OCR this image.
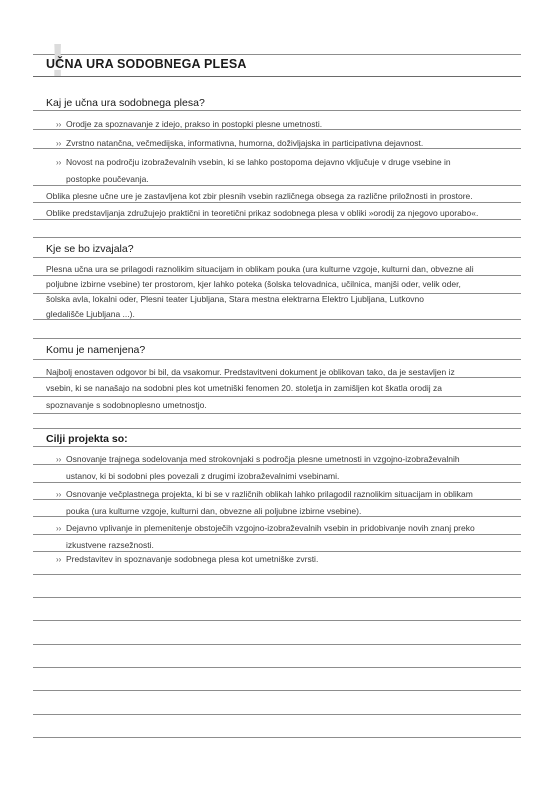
!
UČNA URA SODOBNEGA PLESA
Kaj je učna ura sodobnega plesa?

›› Orodje za spoznavanje z idejo, prakso in postopki plesne umetnosti.

›› Zvrstno natančna, večmedijska, informativna, humorna, doživljajska in participativna dejavnost.

›› Novost na področju izobraževalnih vsebin, ki se lahko postopoma dejavno vključuje v druge vsebine in
postopke poučevanja.

Oblika plesne učne ure je zastavljena kot zbir plesnih vsebin različnega obsega za različne priložnosti in prostore.

Oblike predstavljanja združujejo praktični in teoretični prikaz sodobnega plesa v obliki »orodij za njegovo uporabo«.

Kje se bo izvajala?

Plesna učna ura se prilagodi raznolikim situacijam in oblikam pouka (ura kulturne vzgoje, kulturni dan, obvezne ali

poljubne izbirne vsebine) ter prostorom, kjer lahko poteka (šolska telovadnica, učilnica, manjši oder, velik oder,

šolska avla, lokalni oder, Plesni teater Ljubljana, Stara mestna elektrarna Elektro Ljubljana, Lutkovno

gledališče Ljubljana ...).

Komu je namenjena?

Najbolj enostaven odgovor bi bil, da vsakomur. Predstavitveni dokument je oblikovan tako, da je sestavljen iz

vsebin, ki se nanašajo na sodobni ples kot umetniški fenomen 20. stoletja in zamišljen kot škatla orodij za

spoznavanje s sodobnoplesno umetnostjo.

Cilji projekta so:

›› Osnovanje trajnega sodelovanja med strokovnjaki s področja plesne umetnosti in vzgojno-izobraževalnih
ustanov, ki bi sodobni ples povezali z drugimi izobraževalnimi vsebinami.

›› Osnovanje večplastnega projekta, ki bi se v različnih oblikah lahko prilagodil raznolikim situacijam in oblikam
pouka (ura kulturne vzgoje, kulturni dan, obvezne ali poljubne izbirne vsebine).

›› Dejavno vplivanje in plemenitenje obstoječih vzgojno-izobraževalnih vsebin in pridobivanje novih znanj preko
izkustvene razsežnosti.

›› Predstavitev in spoznavanje sodobnega plesa kot umetniške zvrsti.
